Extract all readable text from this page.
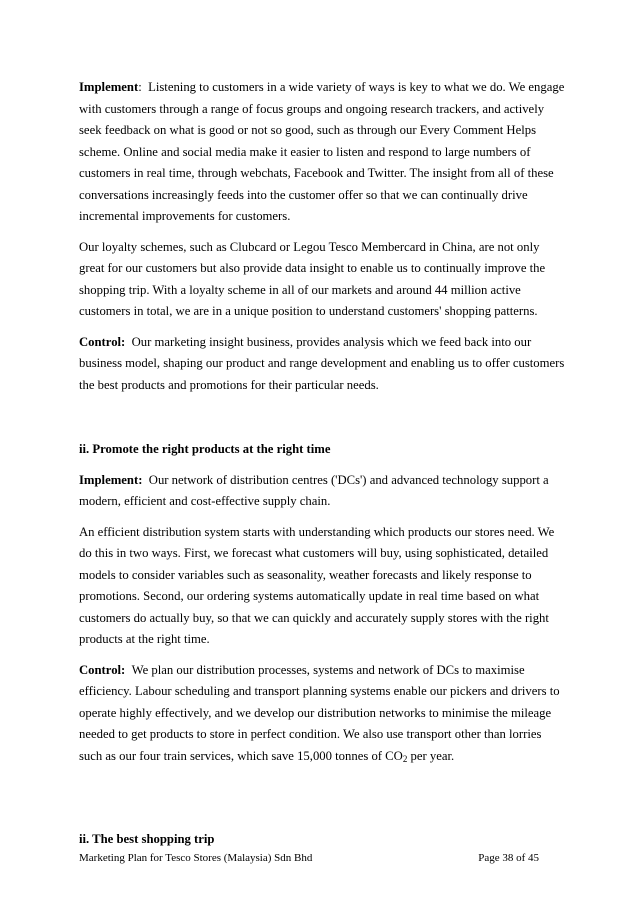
Implement: Listening to customers in a wide variety of ways is key to what we do. We engage with customers through a range of focus groups and ongoing research trackers, and actively seek feedback on what is good or not so good, such as through our Every Comment Helps scheme. Online and social media make it easier to listen and respond to large numbers of customers in real time, through webchats, Facebook and Twitter. The insight from all of these conversations increasingly feeds into the customer offer so that we can continually drive incremental improvements for customers.

Our loyalty schemes, such as Clubcard or Legou Tesco Membercard in China, are not only great for our customers but also provide data insight to enable us to continually improve the shopping trip. With a loyalty scheme in all of our markets and around 44 million active customers in total, we are in a unique position to understand customers' shopping patterns.

Control: Our marketing insight business, provides analysis which we feed back into our business model, shaping our product and range development and enabling us to offer customers the best products and promotions for their particular needs.

ii. Promote the right products at the right time

Implement: Our network of distribution centres ('DCs') and advanced technology support a modern, efficient and cost-effective supply chain.

An efficient distribution system starts with understanding which products our stores need. We do this in two ways. First, we forecast what customers will buy, using sophisticated, detailed models to consider variables such as seasonality, weather forecasts and likely response to promotions. Second, our ordering systems automatically update in real time based on what customers do actually buy, so that we can quickly and accurately supply stores with the right products at the right time.

Control: We plan our distribution processes, systems and network of DCs to maximise efficiency. Labour scheduling and transport planning systems enable our pickers and drivers to operate highly effectively, and we develop our distribution networks to minimise the mileage needed to get products to store in perfect condition. We also use transport other than lorries such as our four train services, which save 15,000 tonnes of $CO_2$ per year.

ii. The best shopping trip

Marketing Plan for Tesco Stores (Malaysia) Sdn Bhd	Page 38 of 45
